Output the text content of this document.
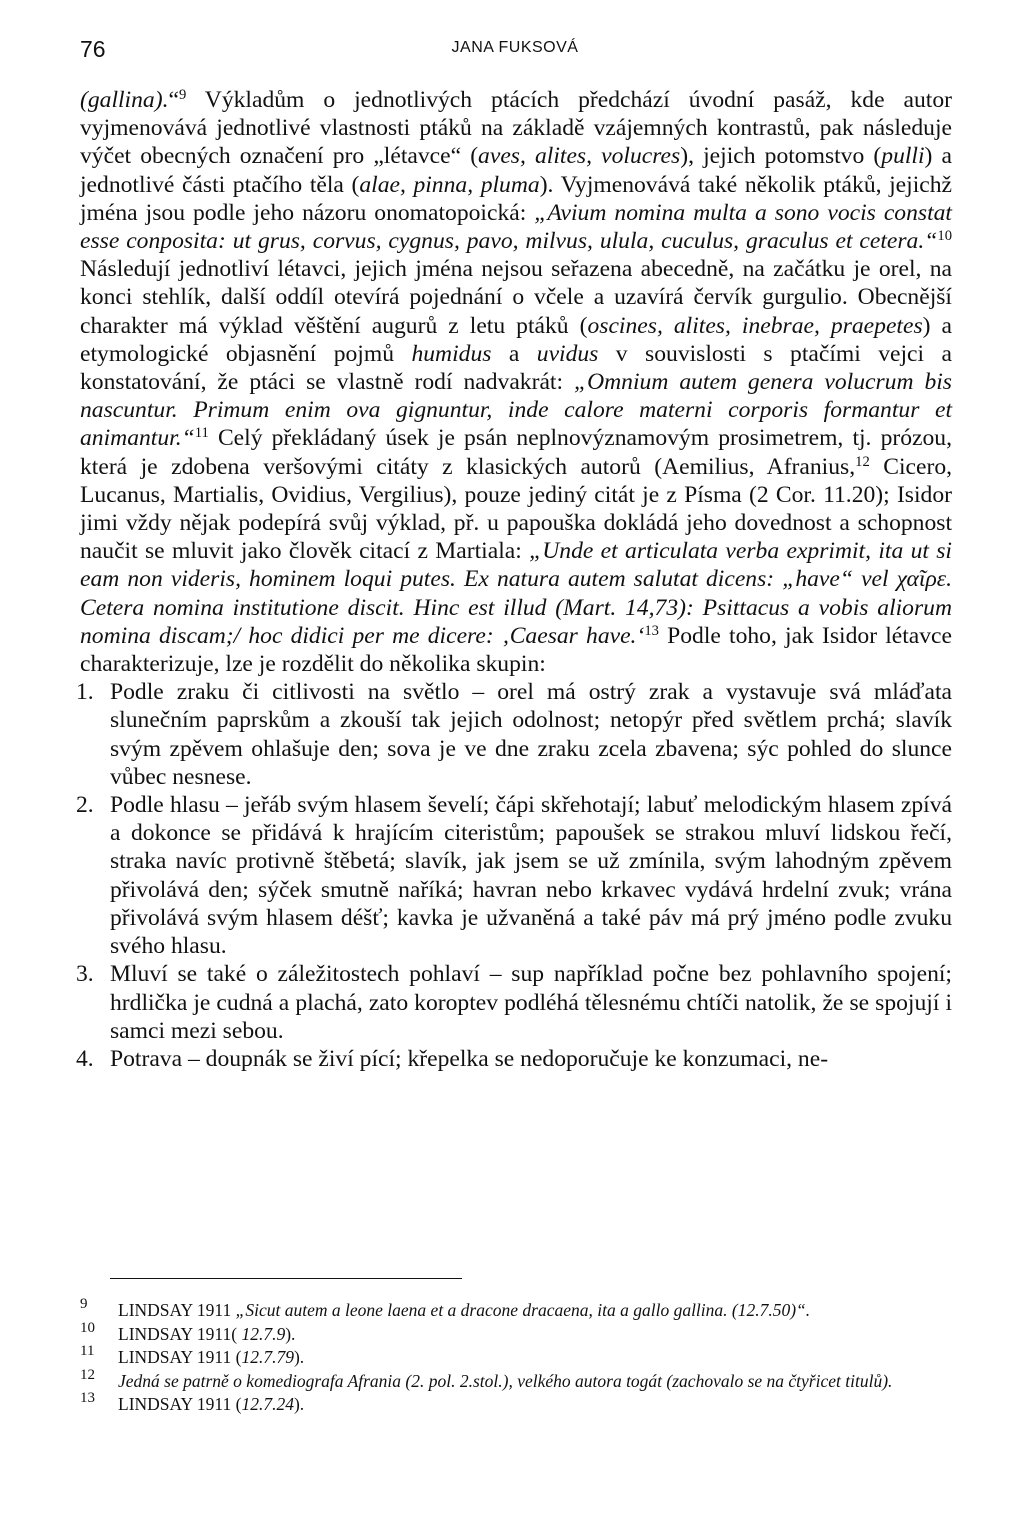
76	JANA FUKSOVÁ

(gallina).“$^9$ Výkladům o jednotlivých ptácích předchází úvodní pasáž, kde autor vyjmenovává jednotlivé vlastnosti ptáků na základě vzájemných kontrastů, pak následuje výčet obecných označení pro „létavce“ (aves, alites, volucres), jejich potomstvo (pulli) a jednotlivé části ptačího těla (alae, pinna, pluma). Vyjmenovává také několik ptáků, jejichž jména jsou podle jeho názoru onomatopoická: „Avium nomina multa a sono vocis constat esse conposita: ut grus, corvus, cygnus, pavo, milvus, ulula, cuculus, graculus et cetera.“$^{10}$ Následují jednotliví létavci, jejich jména nejsou seřazena abecedně, na začátku je orel, na konci stehlík, další oddíl otevírá pojednání o včele a uzavírá červík gurgulio. Obecnější charakter má výklad věštění augurů z letu ptáků (oscines, alites, inebrae, praepetes) a etymologické objasnění pojmů humidus a uvidus v souvislosti s ptačími vejci a konstatování, že ptáci se vlastně rodí nadvakrát: „Omnium autem genera volucrum bis nascuntur. Primum enim ova gignuntur, inde calore materni corporis formantur et animantur.“$^{11}$ Celý překládaný úsek je psán neplnovýznamovým prosimetrem, tj. prózou, která je zdobena veršovými citáty z klasických autorů (Aemilius, Afranius,$^{12}$ Cicero, Lucanus, Martialis, Ovidius, Vergilius), pouze jediný citát je z Písma (2 Cor. 11.20); Isidor jimi vždy nějak podepírá svůj výklad, př. u papouška dokládá jeho dovednost a schopnost naučit se mluvit jako člověk citací z Martiala: „Unde et articulata verba exprimit, ita ut si eam non videris, hominem loqui putes. Ex natura autem salutat dicens: „have“ vel χαῖρε. Cetera nomina institutione discit. Hinc est illud (Mart. 14,73): Psittacus a vobis aliorum nomina discam;/ hoc didici per me dicere: ‚Caesar have.‘$^{13}$ Podle toho, jak Isidor létavce charakterizuje, lze je rozdělit do několika skupin:

1. Podle zraku či citlivosti na světlo – orel má ostrý zrak a vystavuje svá mláďata slunečním paprskům a zkouší tak jejich odolnost; netopýr před světlem prchá; slavík svým zpěvem ohlašuje den; sova je ve dne zraku zcela zbavena; sýc pohled do slunce vůbec nesnese.
2. Podle hlasu – jeřáb svým hlasem ševelí; čápi skřehotají; labuť melodickým hlasem zpívá a dokonce se přidává k hrajícím citeristům; papoušek se strakou mluví lidskou řečí, straka navíc protivně štěbetá; slavík, jak jsem se už zmínila, svým lahodným zpěvem přivolává den; sýček smutně naříká; havran nebo krkavec vydává hrdelní zvuk; vrána přivolává svým hlasem déšť; kavka je užvaněná a také páv má prý jméno podle zvuku svého hlasu.
3. Mluví se také o záležitostech pohlaví – sup například počne bez pohlavního spojení; hrdlička je cudná a plachá, zato koroptev podléhá tělesnému chtíči natolik, že se spojují i samci mezi sebou.
4. Potrava – doupnák se živí pící; křepelka se nedoporučuje ke konzumaci, ne-
9 LINDSAY 1911 „Sicut autem a leone laena et a dracone dracaena, ita a gallo gallina. (12.7.50)“.
10 LINDSAY 1911( 12.7.9).
11 LINDSAY 1911 (12.7.79).
12 Jedná se patrně o komediografa Afrania (2. pol. 2.stol.), velkého autora togát (zachovalo se na čtyřicet titulů).
13 LINDSAY 1911 (12.7.24).
